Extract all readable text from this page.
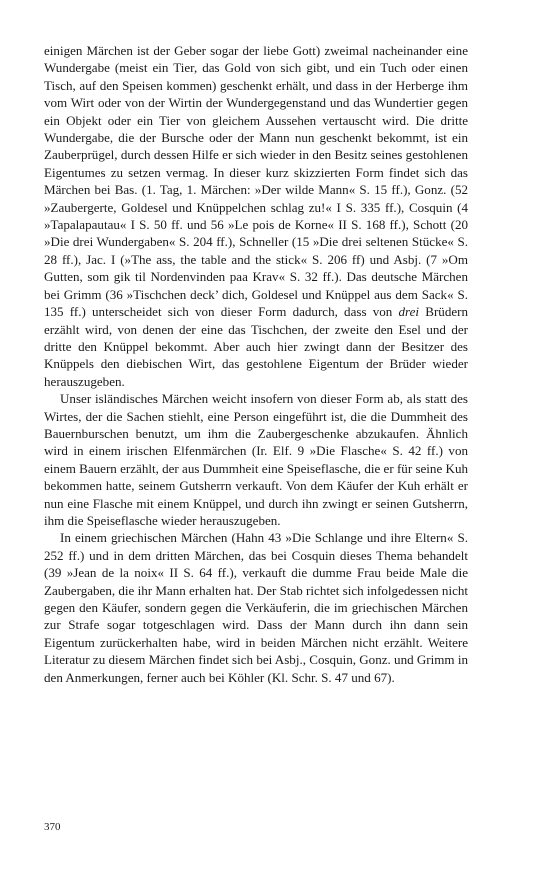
einigen Märchen ist der Geber sogar der liebe Gott) zweimal nacheinander eine Wundergabe (meist ein Tier, das Gold von sich gibt, und ein Tuch oder einen Tisch, auf den Speisen kommen) geschenkt erhält, und dass in der Herberge ihm vom Wirt oder von der Wirtin der Wundergegenstand und das Wundertier gegen ein Objekt oder ein Tier von gleichem Aussehen vertauscht wird. Die dritte Wundergabe, die der Bursche oder der Mann nun geschenkt bekommt, ist ein Zauberprügel, durch dessen Hilfe er sich wieder in den Besitz seines gestohlenen Eigentumes zu setzen vermag. In dieser kurz skizzierten Form findet sich das Märchen bei Bas. (1. Tag, 1. Märchen: »Der wilde Mann« S. 15 ff.), Gonz. (52 »Zaubergerte, Goldesel und Knüppelchen schlag zu!« I S. 335 ff.), Cosquin (4 »Tapalapautau« I S. 50 ff. und 56 »Le pois de Korne« II S. 168 ff.), Schott (20 »Die drei Wundergaben« S. 204 ff.), Schneller (15 »Die drei seltenen Stücke« S. 28 ff.), Jac. I (»The ass, the table and the stick« S. 206 ff) und Asbj. (7 »Om Gutten, som gik til Nordenvinden paa Krav« S. 32 ff.). Das deutsche Märchen bei Grimm (36 »Tischchen deck’ dich, Goldesel und Knüppel aus dem Sack« S. 135 ff.) unterscheidet sich von dieser Form dadurch, dass von drei Brüdern erzählt wird, von denen der eine das Tischchen, der zweite den Esel und der dritte den Knüppel bekommt. Aber auch hier zwingt dann der Besitzer des Knüppels den diebischen Wirt, das gestohlene Eigentum der Brüder wieder herauszugeben.

Unser isländisches Märchen weicht insofern von dieser Form ab, als statt des Wirtes, der die Sachen stiehlt, eine Person eingeführt ist, die die Dummheit des Bauernburschen benutzt, um ihm die Zaubergeschenke abzukaufen. Ähnlich wird in einem irischen Elfenmärchen (Ir. Elf. 9 »Die Flasche« S. 42 ff.) von einem Bauern erzählt, der aus Dummheit eine Speiseflasche, die er für seine Kuh bekommen hatte, seinem Gutsherrn verkauft. Von dem Käufer der Kuh erhält er nun eine Flasche mit einem Knüppel, und durch ihn zwingt er seinen Gutsherrn, ihm die Speiseflasche wieder herauszugeben.

In einem griechischen Märchen (Hahn 43 »Die Schlange und ihre Eltern« S. 252 ff.) und in dem dritten Märchen, das bei Cosquin dieses Thema behandelt (39 »Jean de la noix« II S. 64 ff.), verkauft die dumme Frau beide Male die Zaubergaben, die ihr Mann erhalten hat. Der Stab richtet sich infolgedessen nicht gegen den Käufer, sondern gegen die Verkäuferin, die im griechischen Märchen zur Strafe sogar totgeschlagen wird. Dass der Mann durch ihn dann sein Eigentum zurückerhalten habe, wird in beiden Märchen nicht erzählt. Weitere Literatur zu diesem Märchen findet sich bei Asbj., Cosquin, Gonz. und Grimm in den Anmerkungen, ferner auch bei Köhler (Kl. Schr. S. 47 und 67).

370
